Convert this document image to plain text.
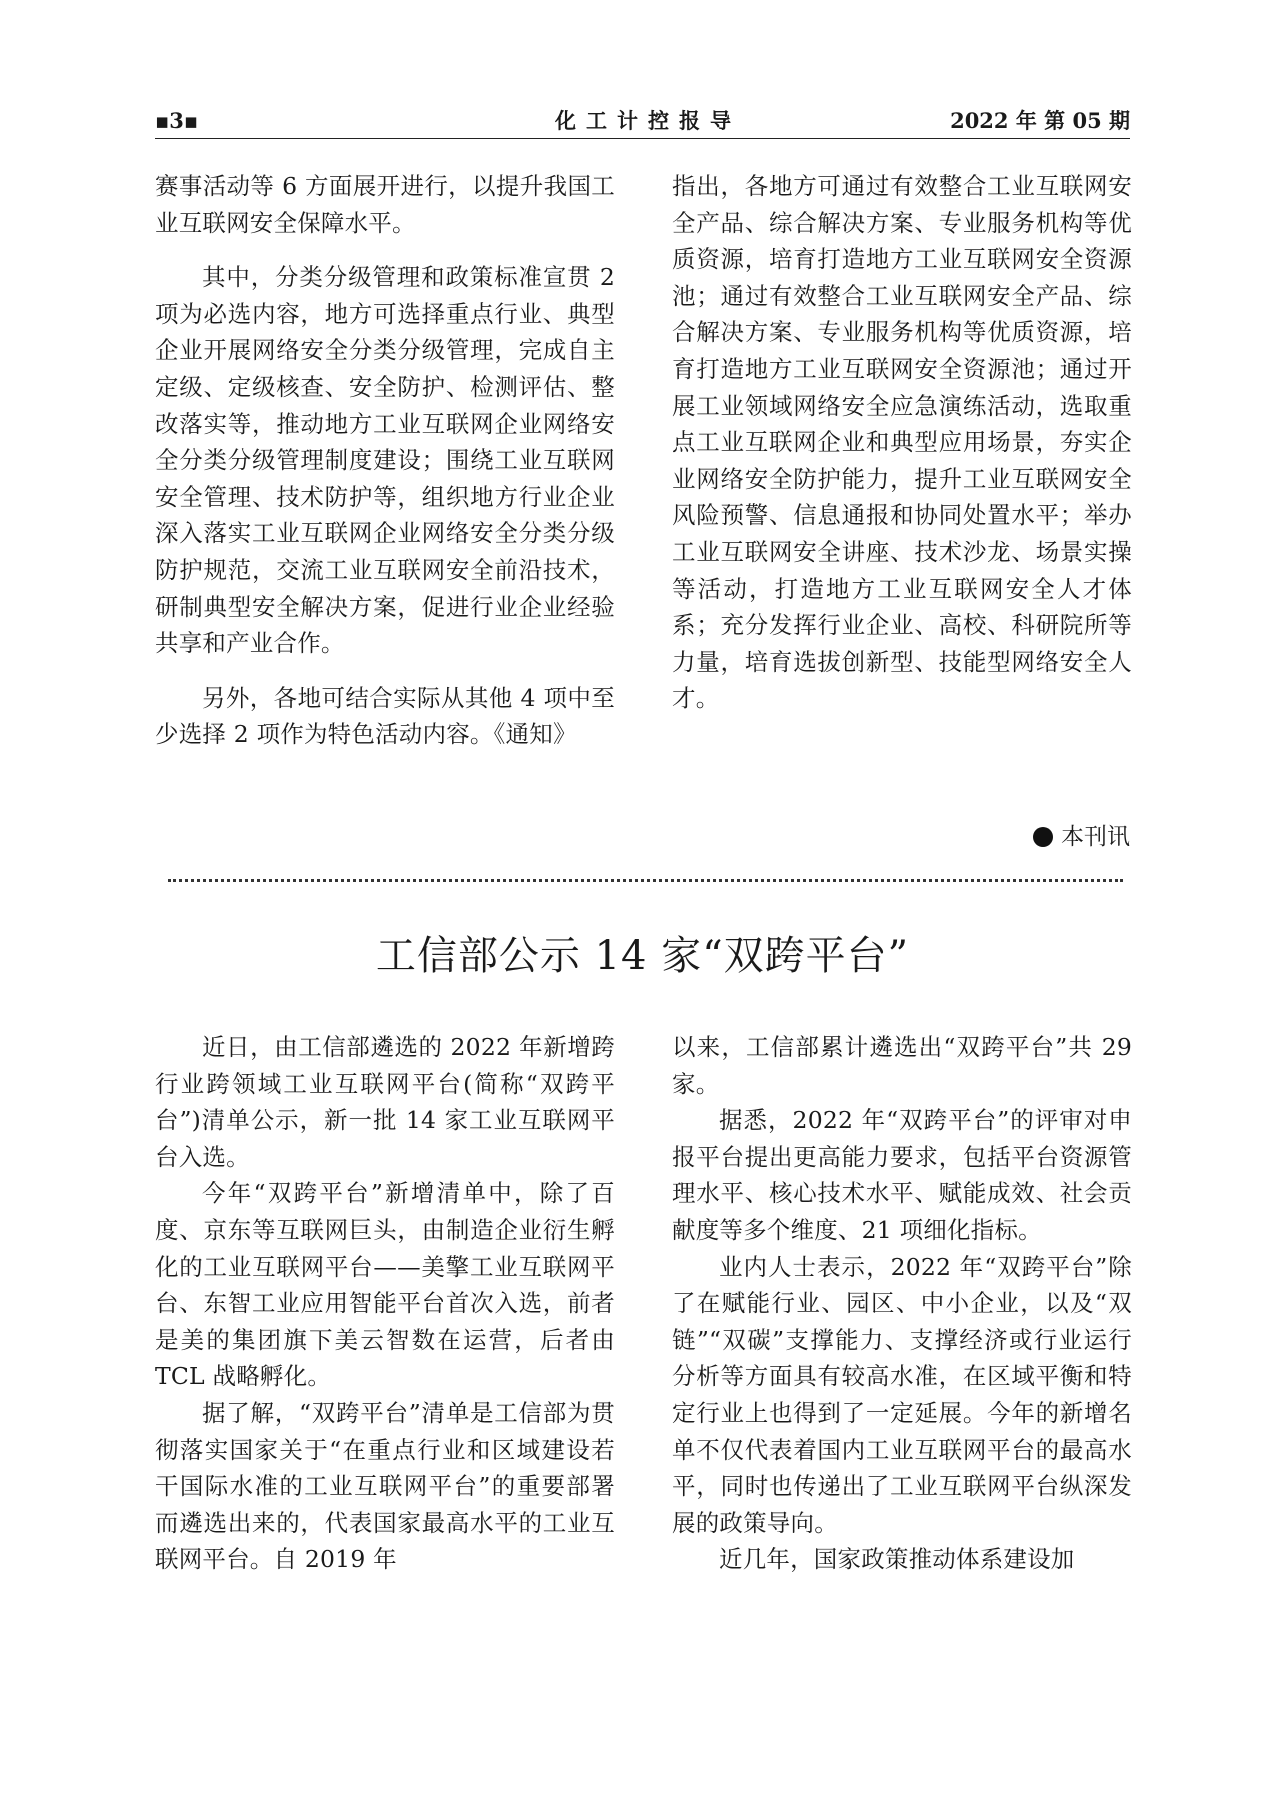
▪3▪	化工计控报导	2022 年 第 05 期

赛事活动等 6 方面展开进行，以提升我国工业互联网安全保障水平。

其中，分类分级管理和政策标准宣贯 2 项为必选内容，地方可选择重点行业、典型企业开展网络安全分类分级管理，完成自主定级、定级核查、安全防护、检测评估、整改落实等，推动地方工业互联网企业网络安全分类分级管理制度建设；围绕工业互联网安全管理、技术防护等，组织地方行业企业深入落实工业互联网企业网络安全分类分级防护规范，交流工业互联网安全前沿技术，研制典型安全解决方案，促进行业企业经验共享和产业合作。

另外，各地可结合实际从其他 4 项中至少选择 2 项作为特色活动内容。《通知》

指出，各地方可通过有效整合工业互联网安全产品、综合解决方案、专业服务机构等优质资源，培育打造地方工业互联网安全资源池；通过有效整合工业互联网安全产品、综合解决方案、专业服务机构等优质资源，培育打造地方工业互联网安全资源池；通过开展工业领域网络安全应急演练活动，选取重点工业互联网企业和典型应用场景，夯实企业网络安全防护能力，提升工业互联网安全风险预警、信息通报和协同处置水平；举办工业互联网安全讲座、技术沙龙、场景实操等活动，打造地方工业互联网安全人才体系；充分发挥行业企业、高校、科研院所等力量，培育选拔创新型、技能型网络安全人才。

本刊讯
工信部公示 14 家“双跨平台”

近日，由工信部遴选的 2022 年新增跨行业跨领域工业互联网平台(简称“双跨平台”)清单公示，新一批 14 家工业互联网平台入选。

今年“双跨平台”新增清单中，除了百度、京东等互联网巨头，由制造企业衍生孵化的工业互联网平台——美擎工业互联网平台、东智工业应用智能平台首次入选，前者是美的集团旗下美云智数在运营，后者由 TCL 战略孵化。

据了解，“双跨平台”清单是工信部为贯彻落实国家关于“在重点行业和区域建设若干国际水准的工业互联网平台”的重要部署而遴选出来的，代表国家最高水平的工业互联网平台。自 2019 年

以来，工信部累计遴选出“双跨平台”共 29 家。

据悉，2022 年“双跨平台”的评审对申报平台提出更高能力要求，包括平台资源管理水平、核心技术水平、赋能成效、社会贡献度等多个维度、21 项细化指标。

业内人士表示，2022 年“双跨平台”除了在赋能行业、园区、中小企业，以及“双链”“双碳”支撑能力、支撑经济或行业运行分析等方面具有较高水准，在区域平衡和特定行业上也得到了一定延展。今年的新增名单不仅代表着国内工业互联网平台的最高水平，同时也传递出了工业互联网平台纵深发展的政策导向。

近几年，国家政策推动体系建设加
